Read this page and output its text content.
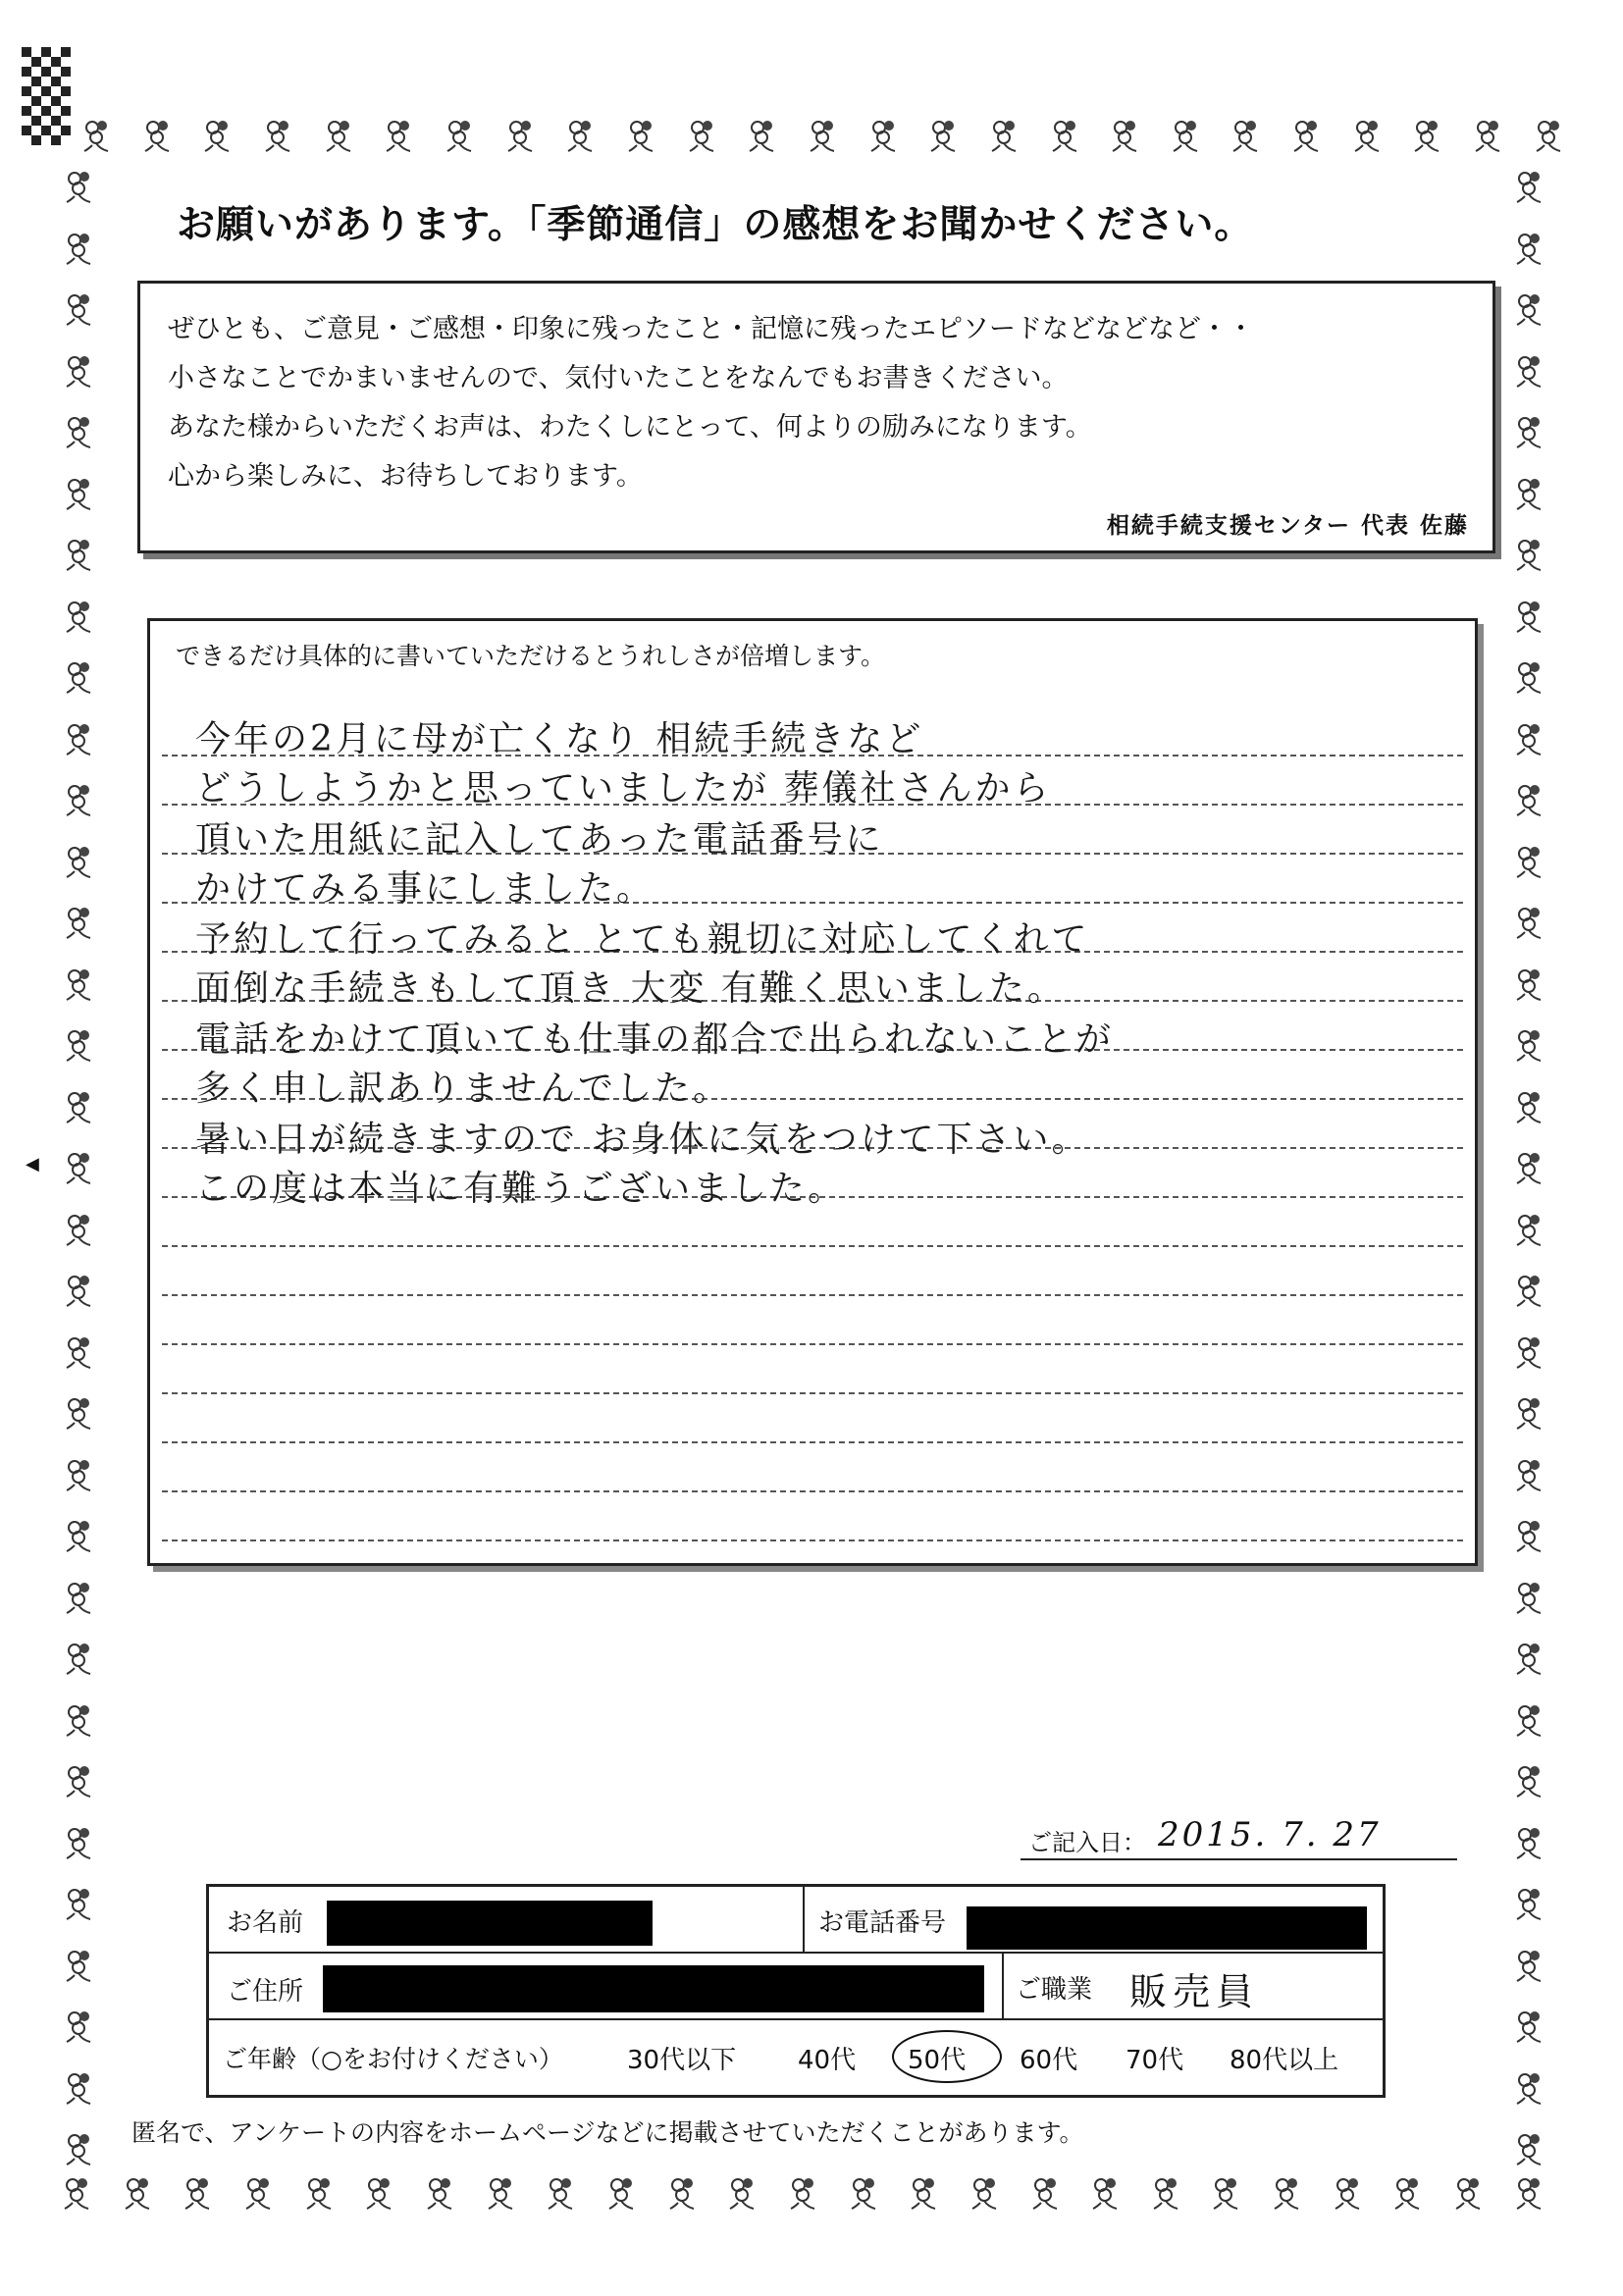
◀
お願いがあります。「季節通信」の感想をお聞かせください。
ぜひとも、ご意見・ご感想・印象に残ったこと・記憶に残ったエピソードなどなどなど・・
小さなことでかまいませんので、気付いたことをなんでもお書きください。
あなた様からいただくお声は、わたくしにとって、何よりの励みになります。
心から楽しみに、お待ちしております。
相続手続支援センター 代表 佐藤
できるだけ具体的に書いていただけるとうれしさが倍増します。
今年の2月に母が亡くなり 相続手続きなど
どうしようかと思っていましたが 葬儀社さんから
頂いた用紙に記入してあった電話番号に
かけてみる事にしました。
予約して行ってみると とても親切に対応してくれて
面倒な手続きもして頂き 大変 有難く思いました。
電話をかけて頂いても仕事の都合で出られないことが
多く申し訳ありませんでした。
暑い日が続きますので お身体に気をつけて下さい。
この度は本当に有難うございました。
ご記入日： 2015. 7. 27
お名前	お電話番号
ご住所	ご職業 販売員
ご年齢（○をお付けください）	30代以下 40代 50代 60代 70代 80代以上
匿名で、アンケートの内容をホームページなどに掲載させていただくことがあります。
